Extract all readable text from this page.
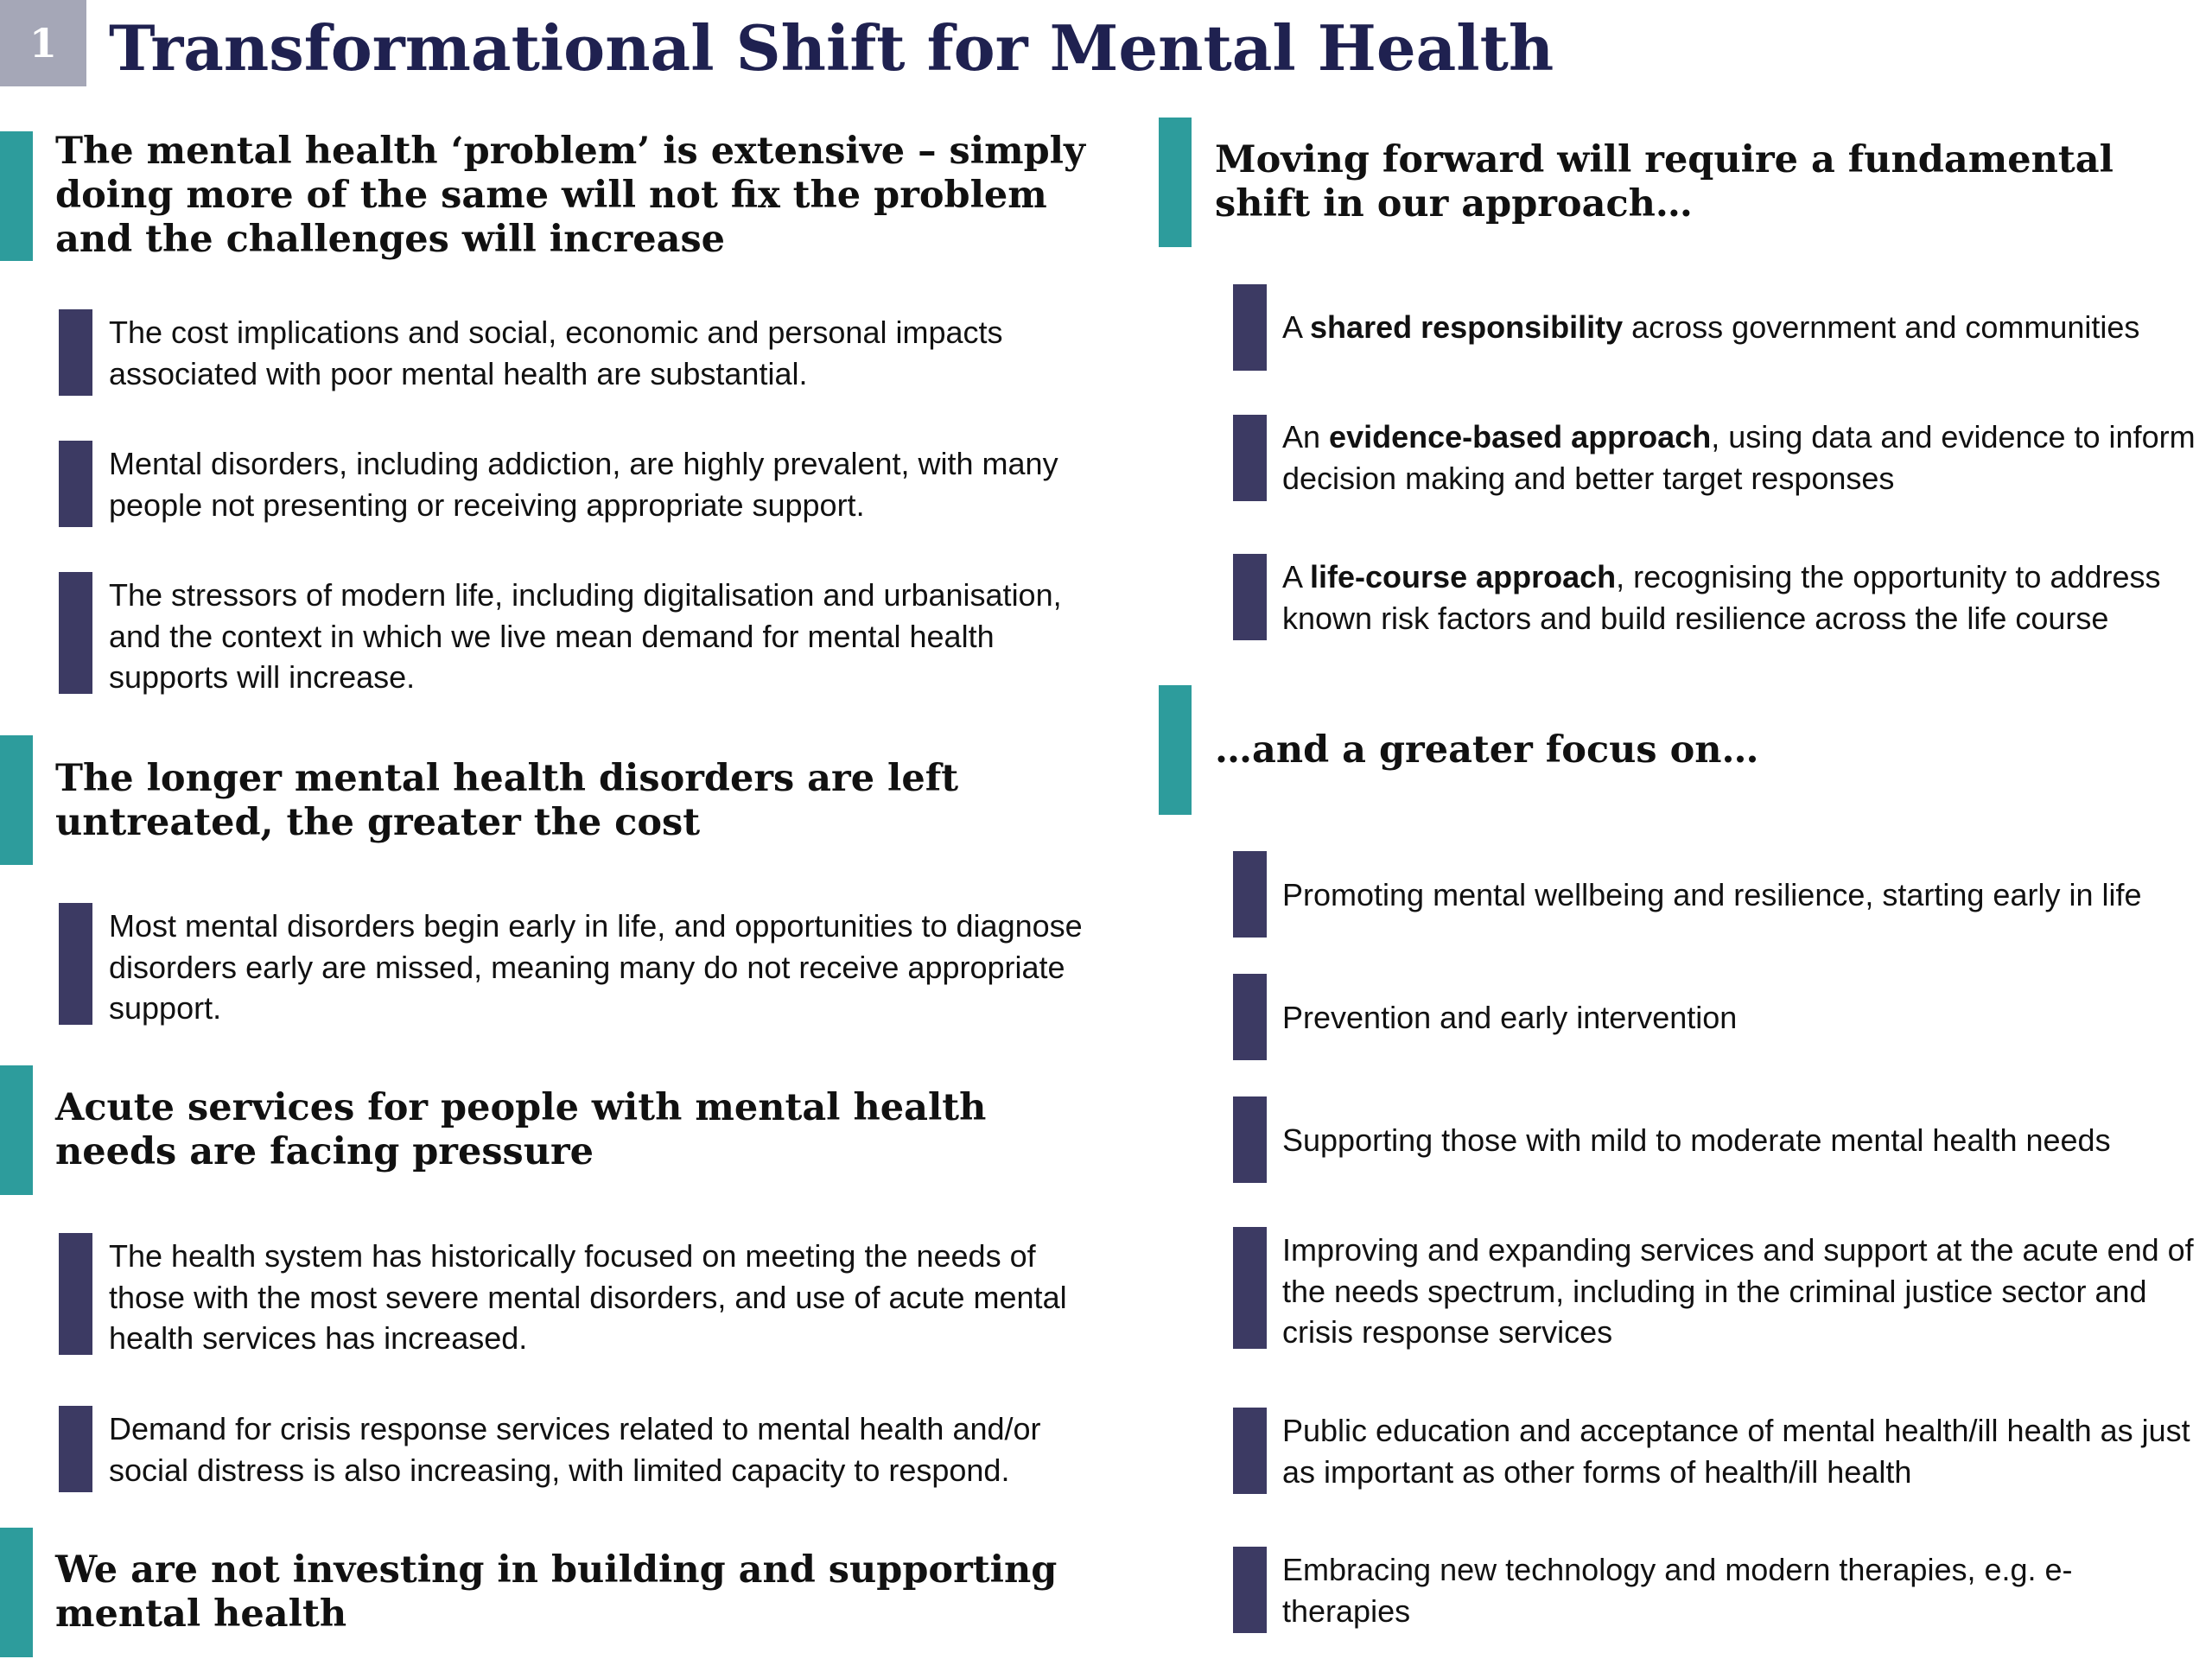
1 Transformational Shift for Mental Health
The mental health ‘problem’ is extensive – simply doing more of the same will not fix the problem and the challenges will increase
The cost implications and social, economic and personal impacts associated with poor mental health are substantial.
Mental disorders, including addiction, are highly prevalent, with many people not presenting or receiving appropriate support.
The stressors of modern life, including digitalisation and urbanisation, and the context in which we live mean demand for mental health supports will increase.
The longer mental health disorders are left untreated, the greater the cost
Most mental disorders begin early in life, and opportunities to diagnose disorders early are missed, meaning many do not receive appropriate support.
Acute services for people with mental health needs are facing pressure
The health system has historically focused on meeting the needs of those with the most severe mental disorders, and use of acute mental health services has increased.
Demand for crisis response services related to mental health and/or social distress is also increasing, with limited capacity to respond.
We are not investing in building and supporting mental health
Moving forward will require a fundamental shift in our approach…
A shared responsibility across government and communities
An evidence-based approach, using data and evidence to inform decision making and better target responses
A life-course approach, recognising the opportunity to address known risk factors and build resilience across the life course
…and a greater focus on…
Promoting mental wellbeing and resilience, starting early in life
Prevention and early intervention
Supporting those with mild to moderate mental health needs
Improving and expanding services and support at the acute end of the needs spectrum, including in the criminal justice sector and crisis response services
Public education and acceptance of mental health/ill health as just as important as other forms of health/ill health
Embracing new technology and modern therapies, e.g. e-therapies
